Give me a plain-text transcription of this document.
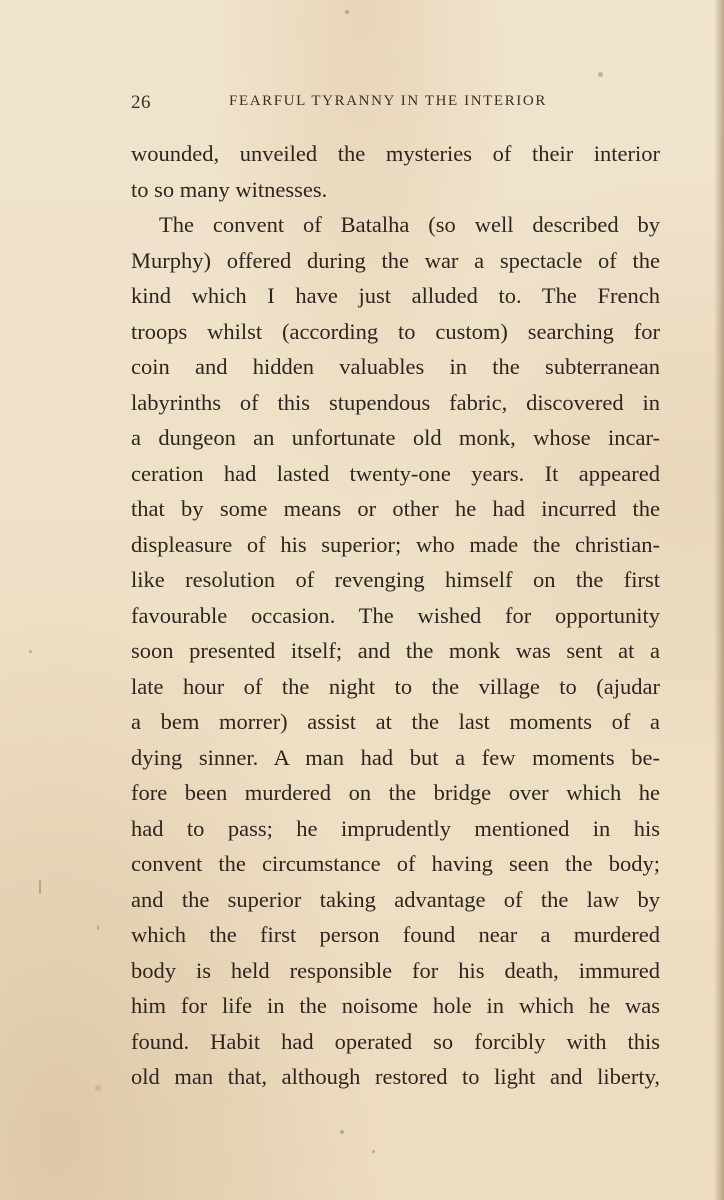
26	FEARFUL TYRANNY IN THE INTERIOR
wounded, unveiled the mysteries of their interior
to so many witnesses.
The convent of Batalha (so well described by
Murphy) offered during the war a spectacle of the
kind which I have just alluded to. The French
troops whilst (according to custom) searching for
coin and hidden valuables in the subterranean
labyrinths of this stupendous fabric, discovered in
a dungeon an unfortunate old monk, whose incar-
ceration had lasted twenty-one years. It appeared
that by some means or other he had incurred the
displeasure of his superior; who made the christian-
like resolution of revenging himself on the first
favourable occasion. The wished for opportunity
soon presented itself; and the monk was sent at a
late hour of the night to the village to (ajudar
a bem morrer) assist at the last moments of a
dying sinner. A man had but a few moments be-
fore been murdered on the bridge over which he
had to pass; he imprudently mentioned in his
convent the circumstance of having seen the body;
and the superior taking advantage of the law by
which the first person found near a murdered
body is held responsible for his death, immured
him for life in the noisome hole in which he was
found. Habit had operated so forcibly with this
old man that, although restored to light and liberty,
